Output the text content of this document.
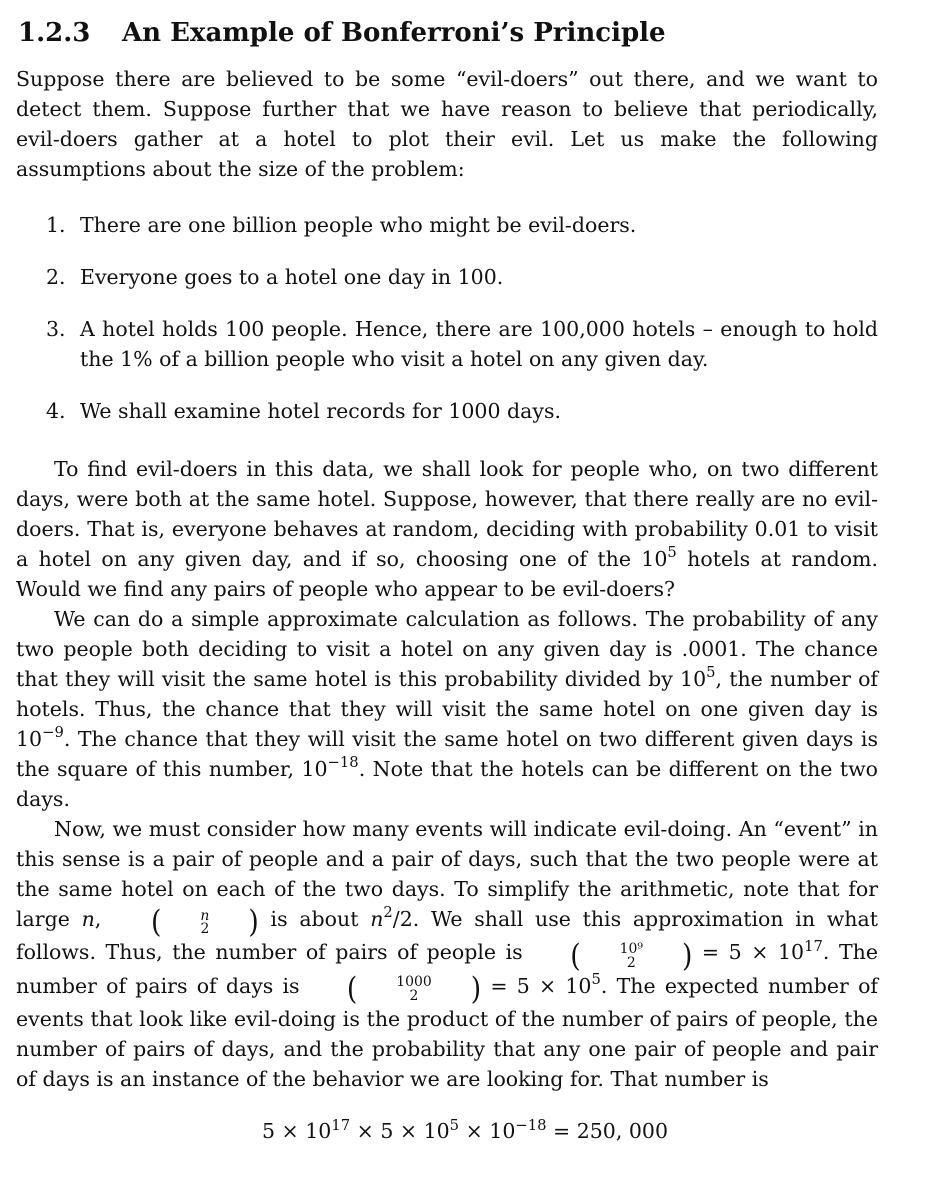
1.2.3	An Example of Bonferroni’s Principle

Suppose there are believed to be some “evil-doers” out there, and we want to detect them. Suppose further that we have reason to believe that periodically, evil-doers gather at a hotel to plot their evil. Let us make the following assumptions about the size of the problem:

1. There are one billion people who might be evil-doers.
2. Everyone goes to a hotel one day in 100.
3. A hotel holds 100 people. Hence, there are 100,000 hotels – enough to hold the 1% of a billion people who visit a hotel on any given day.
4. We shall examine hotel records for 1000 days.

To find evil-doers in this data, we shall look for people who, on two different days, were both at the same hotel. Suppose, however, that there really are no evil-doers. That is, everyone behaves at random, deciding with probability 0.01 to visit a hotel on any given day, and if so, choosing one of the $10^5$ hotels at random. Would we find any pairs of people who appear to be evil-doers?

We can do a simple approximate calculation as follows. The probability of any two people both deciding to visit a hotel on any given day is .0001. The chance that they will visit the same hotel is this probability divided by $10^5$, the number of hotels. Thus, the chance that they will visit the same hotel on one given day is $10^{-9}$. The chance that they will visit the same hotel on two different given days is the square of this number, $10^{-18}$. Note that the hotels can be different on the two days.

Now, we must consider how many events will indicate evil-doing. An “event” in this sense is a pair of people and a pair of days, such that the two people were at the same hotel on each of the two days. To simplify the arithmetic, note that for large n,	(	n
2	) is about $n^2/2$. We shall use this approximation in what follows. Thus, the number of pairs of people is	(	10⁹
2	) = $5 \times 10^{17}$. The number of pairs of days is	(	1000
2	) = $5 \times 10^5$. The expected number of events that look like evil-doing is the product of the number of pairs of people, the number of pairs of days, and the probability that any one pair of people and pair of days is an instance of the behavior we are looking for. That number is

$5 \times 10^{17} \times 5 \times 10^5 \times 10^{-18} = 250$, 000
